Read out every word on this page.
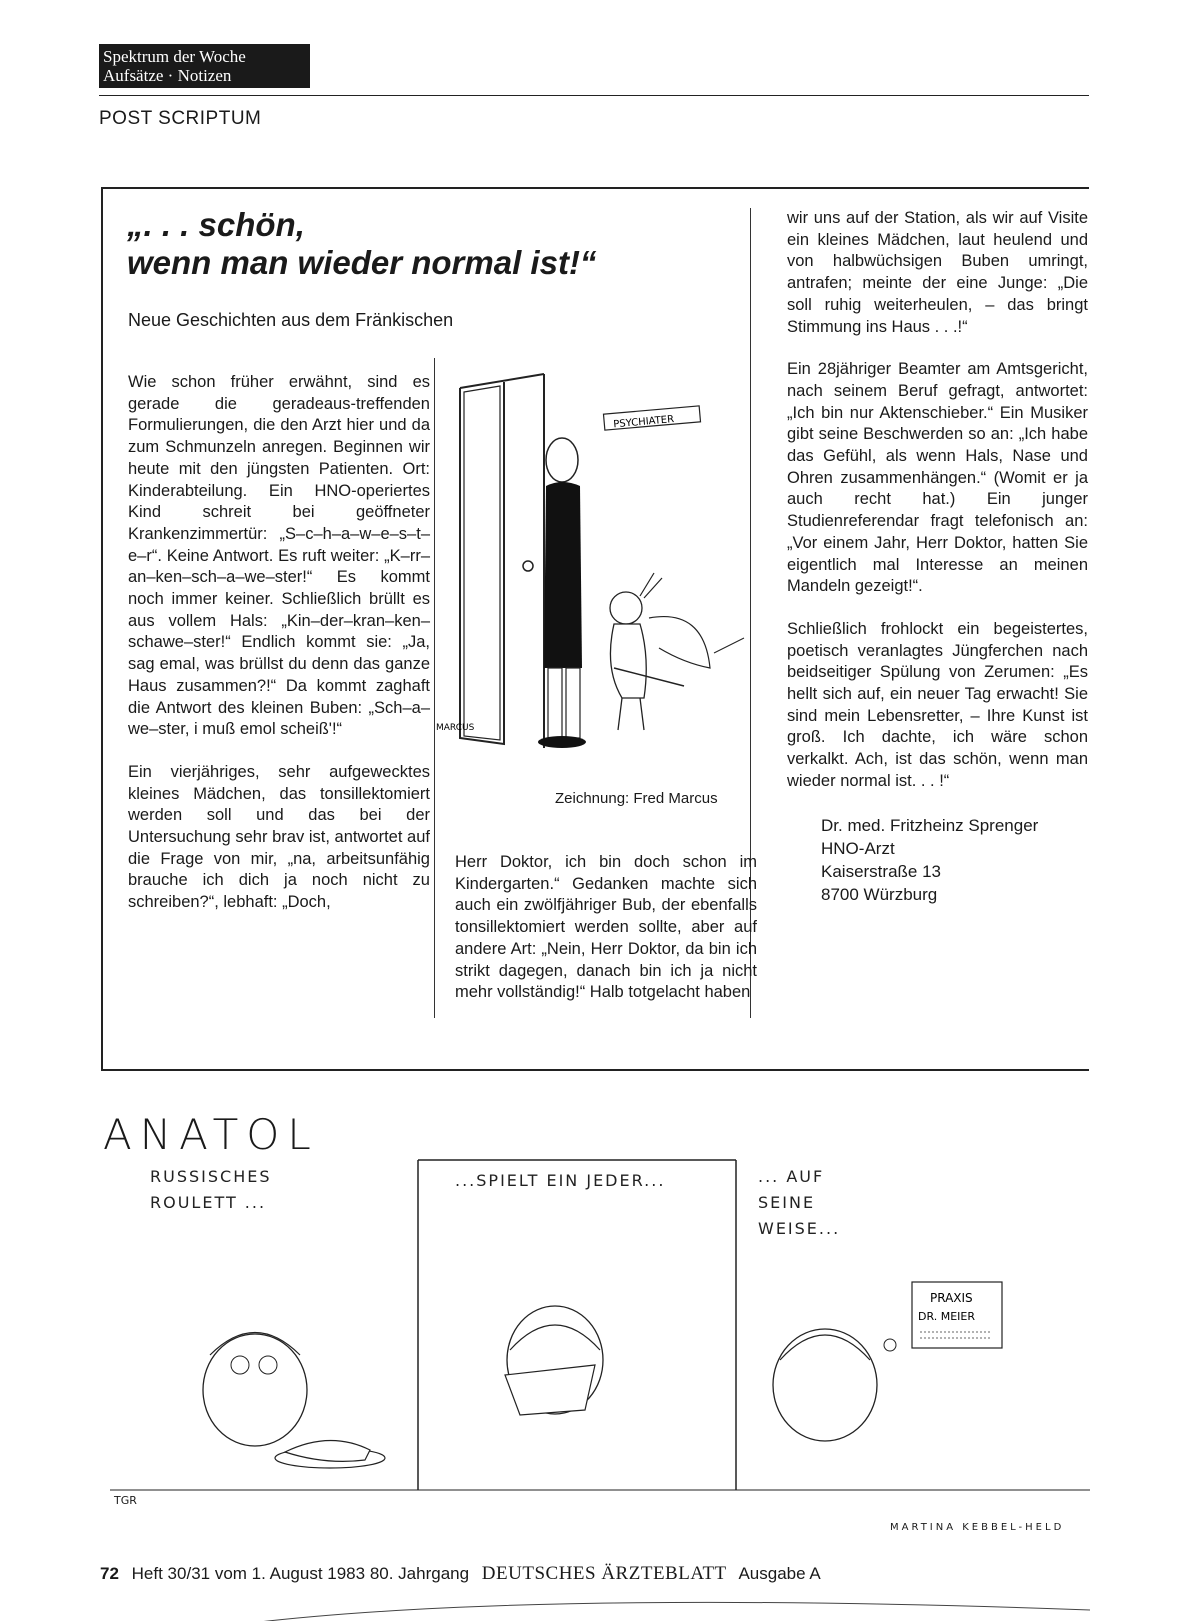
Spektrum der Woche
Aufsätze · Notizen
POST SCRIPTUM
„. . . schön,
wenn man wieder normal ist!“
Neue Geschichten aus dem Fränkischen

Wie schon früher erwähnt, sind es gerade die geradeaus-treffenden Formulierungen, die den Arzt hier und da zum Schmunzeln anregen. Beginnen wir heute mit den jüngsten Patienten. Ort: Kinderabteilung. Ein HNO-operiertes Kind schreit bei geöffneter Krankenzimmertür: „S–c–h–a–w–e–s–t–e–r“. Keine Antwort. Es ruft weiter: „K–rr–an–ken–sch–a–we–ster!“ Es kommt noch immer keiner. Schließlich brüllt es aus vollem Hals: „Kin–der–kran–ken–schawe–ster!“ Endlich kommt sie: „Ja, sag emal, was brüllst du denn das ganze Haus zusammen?!“ Da kommt zaghaft die Antwort des kleinen Buben: „Sch–a–we–ster, i muß emol scheiß'!“

Ein vierjähriges, sehr aufgewecktes kleines Mädchen, das tonsillektomiert werden soll und das bei der Untersuchung sehr brav ist, antwortet auf die Frage von mir, „na, arbeitsunfähig brauche ich dich ja noch nicht zu schreiben?“, lebhaft: „Doch,

PSYCHIATER
MARCUS
Zeichnung: Fred Marcus

Herr Doktor, ich bin doch schon im Kindergarten.“ Gedanken machte sich auch ein zwölfjähriger Bub, der ebenfalls tonsillektomiert werden sollte, aber auf andere Art: „Nein, Herr Doktor, da bin ich strikt dagegen, danach bin ich ja nicht mehr vollständig!“ Halb totgelacht haben

wir uns auf der Station, als wir auf Visite ein kleines Mädchen, laut heulend und von halbwüchsigen Buben umringt, antrafen; meinte der eine Junge: „Die soll ruhig weiterheulen, – das bringt Stimmung ins Haus . . .!“

Ein 28jähriger Beamter am Amtsgericht, nach seinem Beruf gefragt, antwortet: „Ich bin nur Aktenschieber.“ Ein Musiker gibt seine Beschwerden so an: „Ich habe das Gefühl, als wenn Hals, Nase und Ohren zusammenhängen.“ (Womit er ja auch recht hat.) Ein junger Studienreferendar fragt telefonisch an: „Vor einem Jahr, Herr Doktor, hatten Sie eigentlich mal Interesse an meinen Mandeln gezeigt!“.

Schließlich frohlockt ein begeistertes, poetisch veranlagtes Jüngferchen nach beidseitiger Spülung von Zerumen: „Es hellt sich auf, ein neuer Tag erwacht! Sie sind mein Lebensretter, – Ihre Kunst ist groß. Ich dachte, ich wäre schon verkalkt. Ach, ist das schön, wenn man wieder normal ist. . . !“

Dr. med. Fritzheinz Sprenger
HNO-Arzt
Kaiserstraße 13
8700 Würzburg
ANATOL
PRAXIS
DR. MEIER
RUSSISCHES
ROULETT ...
...SPIELT EIN JEDER...	... AUF
SEINE
WEISE...
TGR
MARTINA KEBBEL-HELD
72 Heft 30/31 vom 1. August 1983 80. Jahrgang DEUTSCHES ÄRZTEBLATT Ausgabe A
